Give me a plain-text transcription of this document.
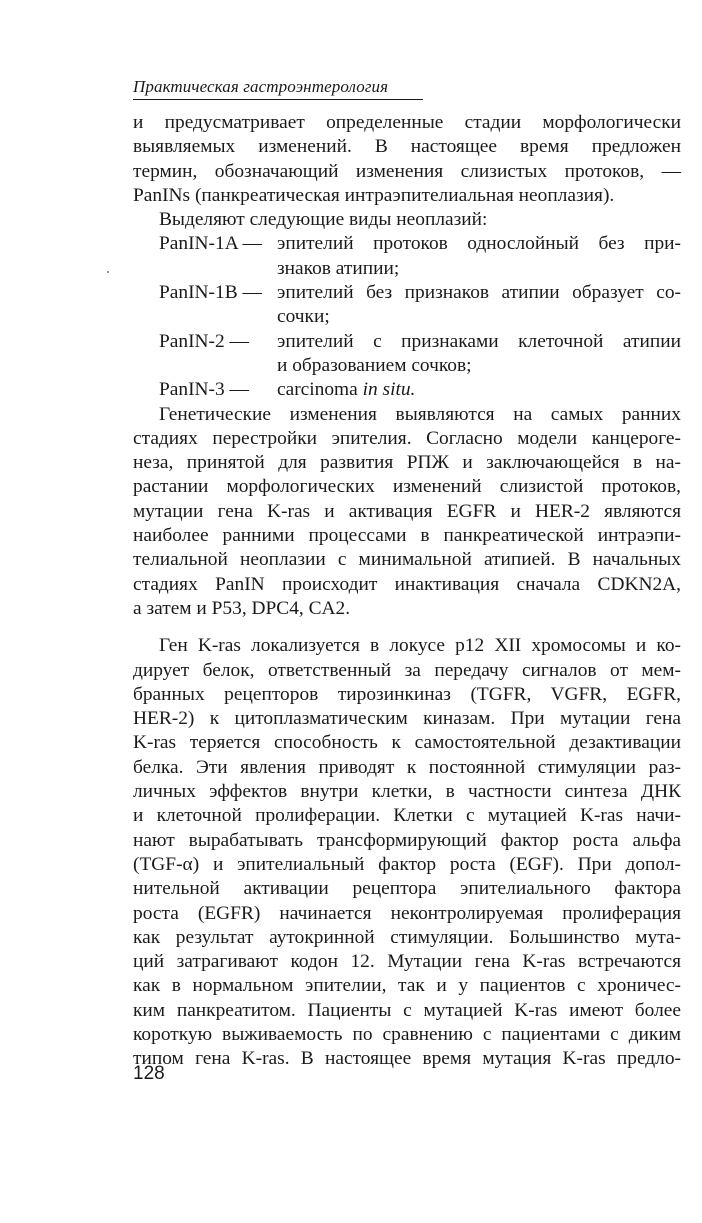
Практическая гастроэнтерология
и предусматривает определенные стадии морфологически
выявляемых изменений. В настоящее время предложен
термин, обозначающий изменения слизистых протоков, —
PanINs (панкреатическая интраэпителиальная неоплазия).
Выделяют следующие виды неоплазий:
PanIN-1A — эпителий протоков однослойный без при-
знаков атипии;
PanIN-1B — эпителий без признаков атипии образует со-
сочки;
PanIN-2 —	эпителий с признаками клеточной атипии
и образованием сочков;
PanIN-3 —	carcinoma in situ.
Генетические изменения выявляются на самых ранних
стадиях перестройки эпителия. Согласно модели канцероге-
неза, принятой для развития РПЖ и заключающейся в на-
растании морфологических изменений слизистой протоков,
мутации гена K-ras и активация EGFR и HER-2 являются
наиболее ранними процессами в панкреатической интраэпи-
телиальной неоплазии с минимальной атипией. В начальных
стадиях PanIN происходит инактивация сначала CDKN2A,
а затем и P53, DPC4, CA2.
Ген K-ras локализуется в локусе p12 XII хромосомы и ко-
дирует белок, ответственный за передачу сигналов от мем-
бранных рецепторов тирозинкиназ (TGFR, VGFR, EGFR,
HER-2) к цитоплазматическим киназам. При мутации гена
K-ras теряется способность к самостоятельной дезактивации
белка. Эти явления приводят к постоянной стимуляции раз-
личных эффектов внутри клетки, в частности синтеза ДНК
и клеточной пролиферации. Клетки с мутацией K-ras начи-
нают вырабатывать трансформирующий фактор роста альфа
(TGF-α) и эпителиальный фактор роста (EGF). При допол-
нительной активации рецептора эпителиального фактора
роста (EGFR) начинается неконтролируемая пролиферация
как результат аутокринной стимуляции. Большинство мута-
ций затрагивают кодон 12. Мутации гена K-ras встречаются
как в нормальном эпителии, так и у пациентов с хроничес-
ким панкреатитом. Пациенты с мутацией K-ras имеют более
короткую выживаемость по сравнению с пациентами с диким
типом гена K-ras. В настоящее время мутация K-ras предло-
128
